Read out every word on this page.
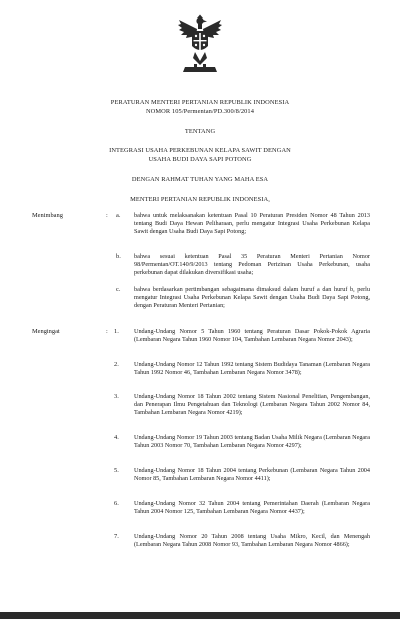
PERATURAN MENTERI PERTANIAN REPUBLIK INDONESIA
NOMOR 105/Permentan/PD.300/8/2014
TENTANG
INTEGRASI USAHA PERKEBUNAN KELAPA SAWIT DENGAN
USAHA BUDI DAYA SAPI POTONG
DENGAN RAHMAT TUHAN YANG MAHA ESA
MENTERI PERTANIAN REPUBLIK INDONESIA,
Menimbang	: a. bahwa untuk melaksanakan ketentuan Pasal 10 Peraturan Presiden Nomor 48 Tahun 2013 tentang Budi Daya Hewan Peliharaan, perlu mengatur Integrasi Usaha Perkebunan Kelapa Sawit dengan Usaha Budi Daya Sapi Potong;
b. bahwa sesuai ketentuan Pasal 35 Peraturan Menteri Pertanian Nomor 98/Permentan/OT.140/9/2013 tentang Pedoman Perizinan Usaha Perkebunan, usaha perkebunan dapat dilakukan diversifikasi usaha;
c. bahwa berdasarkan pertimbangan sebagaimana dimaksud dalam huruf a dan huruf b, perlu mengatur Integrasi Usaha Perkebunan Kelapa Sawit dengan Usaha Budi Daya Sapi Potong, dengan Peraturan Menteri Pertanian;
Mengingat	: 1. Undang-Undang Nomor 5 Tahun 1960 tentang Peraturan Dasar Pokok-Pokok Agraria (Lembaran Negara Tahun 1960 Nomor 104, Tambahan Lembaran Negara Nomor 2043);
2. Undang-Undang Nomor 12 Tahun 1992 tentang Sistem Budidaya Tanaman (Lembaran Negara Tahun 1992 Nomor 46, Tambahan Lembaran Negara Nomor 3478);
3. Undang-Undang Nomor 18 Tahun 2002 tentang Sistem Nasional Penelitian, Pengembangan, dan Penerapan Ilmu Pengetahuan dan Teknologi (Lembaran Negara Tahun 2002 Nomor 84, Tambahan Lembaran Negara Nomor 4219);
4. Undang-Undang Nomor 19 Tahun 2003 tentang Badan Usaha Milik Negara (Lembaran Negara Tahun 2003 Nomor 70, Tambahan Lembaran Negara Nomor 4297);
5. Undang-Undang Nomor 18 Tahun 2004 tentang Perkebunan (Lembaran Negara Tahun 2004 Nomor 85, Tambahan Lembaran Negara Nomor 4411);
6. Undang-Undang Nomor 32 Tahun 2004 tentang Pemerintahan Daerah (Lembaran Negara Tahun 2004 Nomor 125, Tambahan Lembaran Negara Nomor 4437);
7. Undang-Undang Nomor 20 Tahun 2008 tentang Usaha Mikro, Kecil, dan Menengah (Lembaran Negara Tahun 2008 Nomor 93, Tambahan Lembaran Negara Nomor 4866);
